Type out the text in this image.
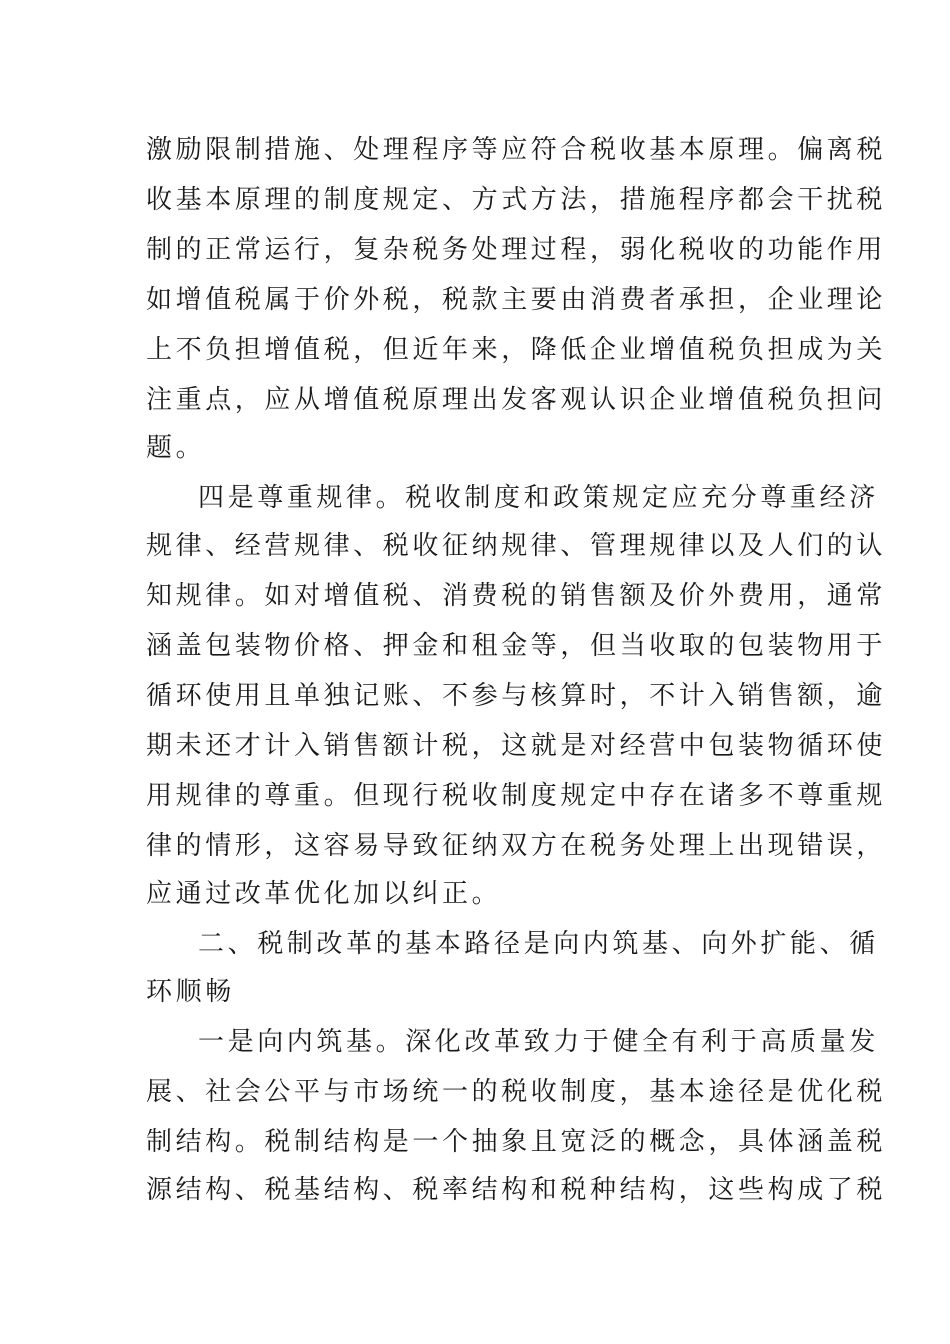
激励限制措施、处理程序等应符合税收基本原理。偏离税
收基本原理的制度规定、方式方法，措施程序都会干扰税
制的正常运行，复杂税务处理过程，弱化税收的功能作用
如增值税属于价外税，税款主要由消费者承担，企业理论
上不负担增值税，但近年来，降低企业增值税负担成为关
注重点，应从增值税原理出发客观认识企业增值税负担问
题。
四是尊重规律。税收制度和政策规定应充分尊重经济
规律、经营规律、税收征纳规律、管理规律以及人们的认
知规律。如对增值税、消费税的销售额及价外费用，通常
涵盖包装物价格、押金和租金等，但当收取的包装物用于
循环使用且单独记账、不参与核算时，不计入销售额，逾
期未还才计入销售额计税，这就是对经营中包装物循环使
用规律的尊重。但现行税收制度规定中存在诸多不尊重规
律的情形，这容易导致征纳双方在税务处理上出现错误，
应通过改革优化加以纠正。
二、税制改革的基本路径是向内筑基、向外扩能、循
环顺畅
一是向内筑基。深化改革致力于健全有利于高质量发
展、社会公平与市场统一的税收制度，基本途径是优化税
制结构。税制结构是一个抽象且宽泛的概念，具体涵盖税
源结构、税基结构、税率结构和税种结构，这些构成了税
